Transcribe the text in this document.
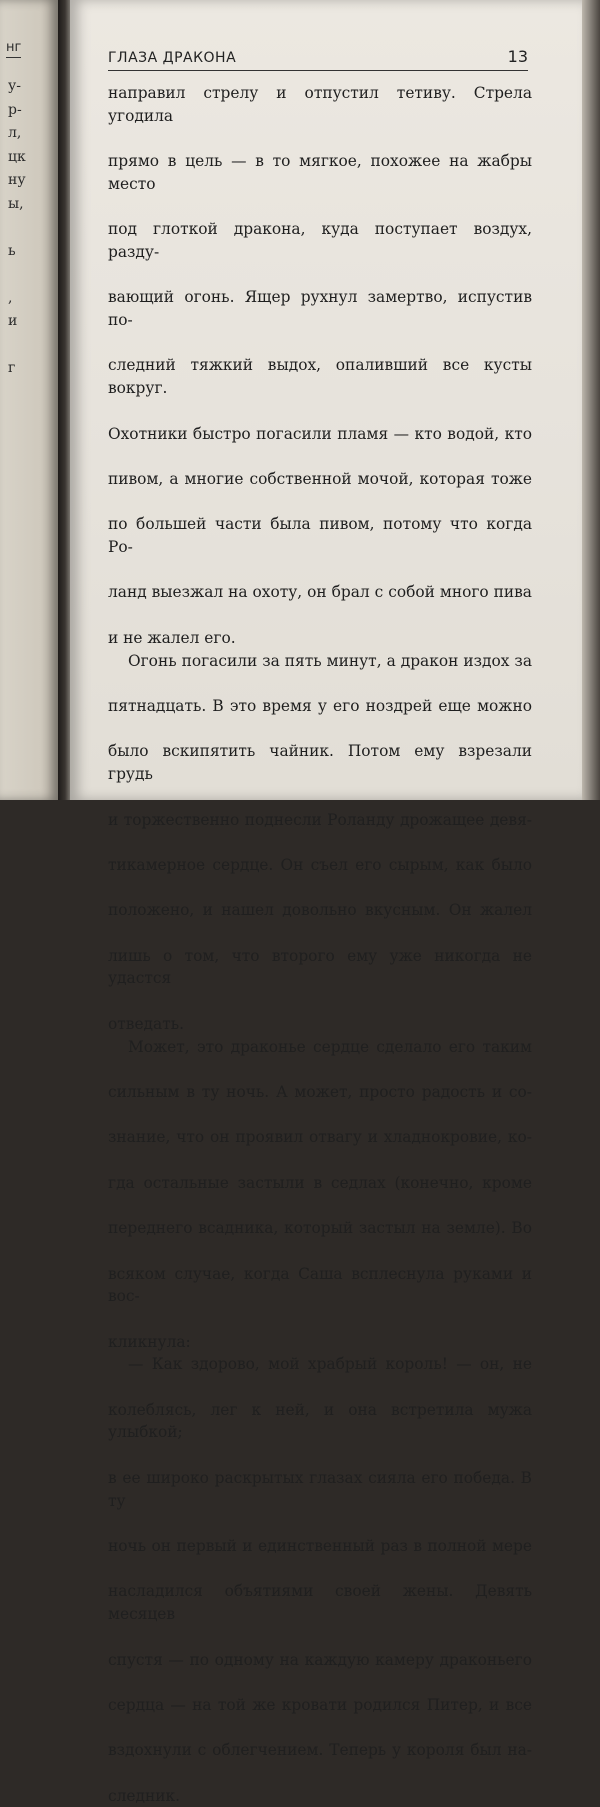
нг
у-
р-
л,
цк
ну
ы,
ь
,
и
г
ГЛАЗА ДРАКОНА	13

направил стрелу и отпустил тетиву. Стрела угодила

прямо в цель — в то мягкое, похожее на жабры место

под глоткой дракона, куда поступает воздух, разду-

вающий огонь. Ящер рухнул замертво, испустив по-

следний тяжкий выдох, опаливший все кусты вокруг.

Охотники быстро погасили пламя — кто водой, кто

пивом, а многие собственной мочой, которая тоже

по большей части была пивом, потому что когда Ро-

ланд выезжал на охоту, он брал с собой много пива

и не жалел его.

Огонь погасили за пять минут, а дракон издох за

пятнадцать. В это время у его ноздрей еще можно

было вскипятить чайник. Потом ему взрезали грудь

и торжественно поднесли Роланду дрожащее девя-

тикамерное сердце. Он съел его сырым, как было

положено, и нашел довольно вкусным. Он жалел

лишь о том, что второго ему уже никогда не удастся

отведать.

Может, это драконье сердце сделало его таким

сильным в ту ночь. А может, просто радость и со-

знание, что он проявил отвагу и хладнокровие, ко-

гда остальные застыли в седлах (конечно, кроме

переднего всадника, который застыл на земле). Во

всяком случае, когда Саша всплеснула руками и вос-

кликнула:

— Как здорово, мой храбрый король! — он, не

колеблясь, лег к ней, и она встретила мужа улыбкой;

в ее широко раскрытых глазах сияла его победа. В ту

ночь он первый и единственный раз в полной мере

насладился объятиями своей жены. Девять месяцев

спустя — по одному на каждую камеру драконьего

сердца — на той же кровати родился Питер, и все

вздохнули с облегчением. Теперь у короля был на-

следник.
